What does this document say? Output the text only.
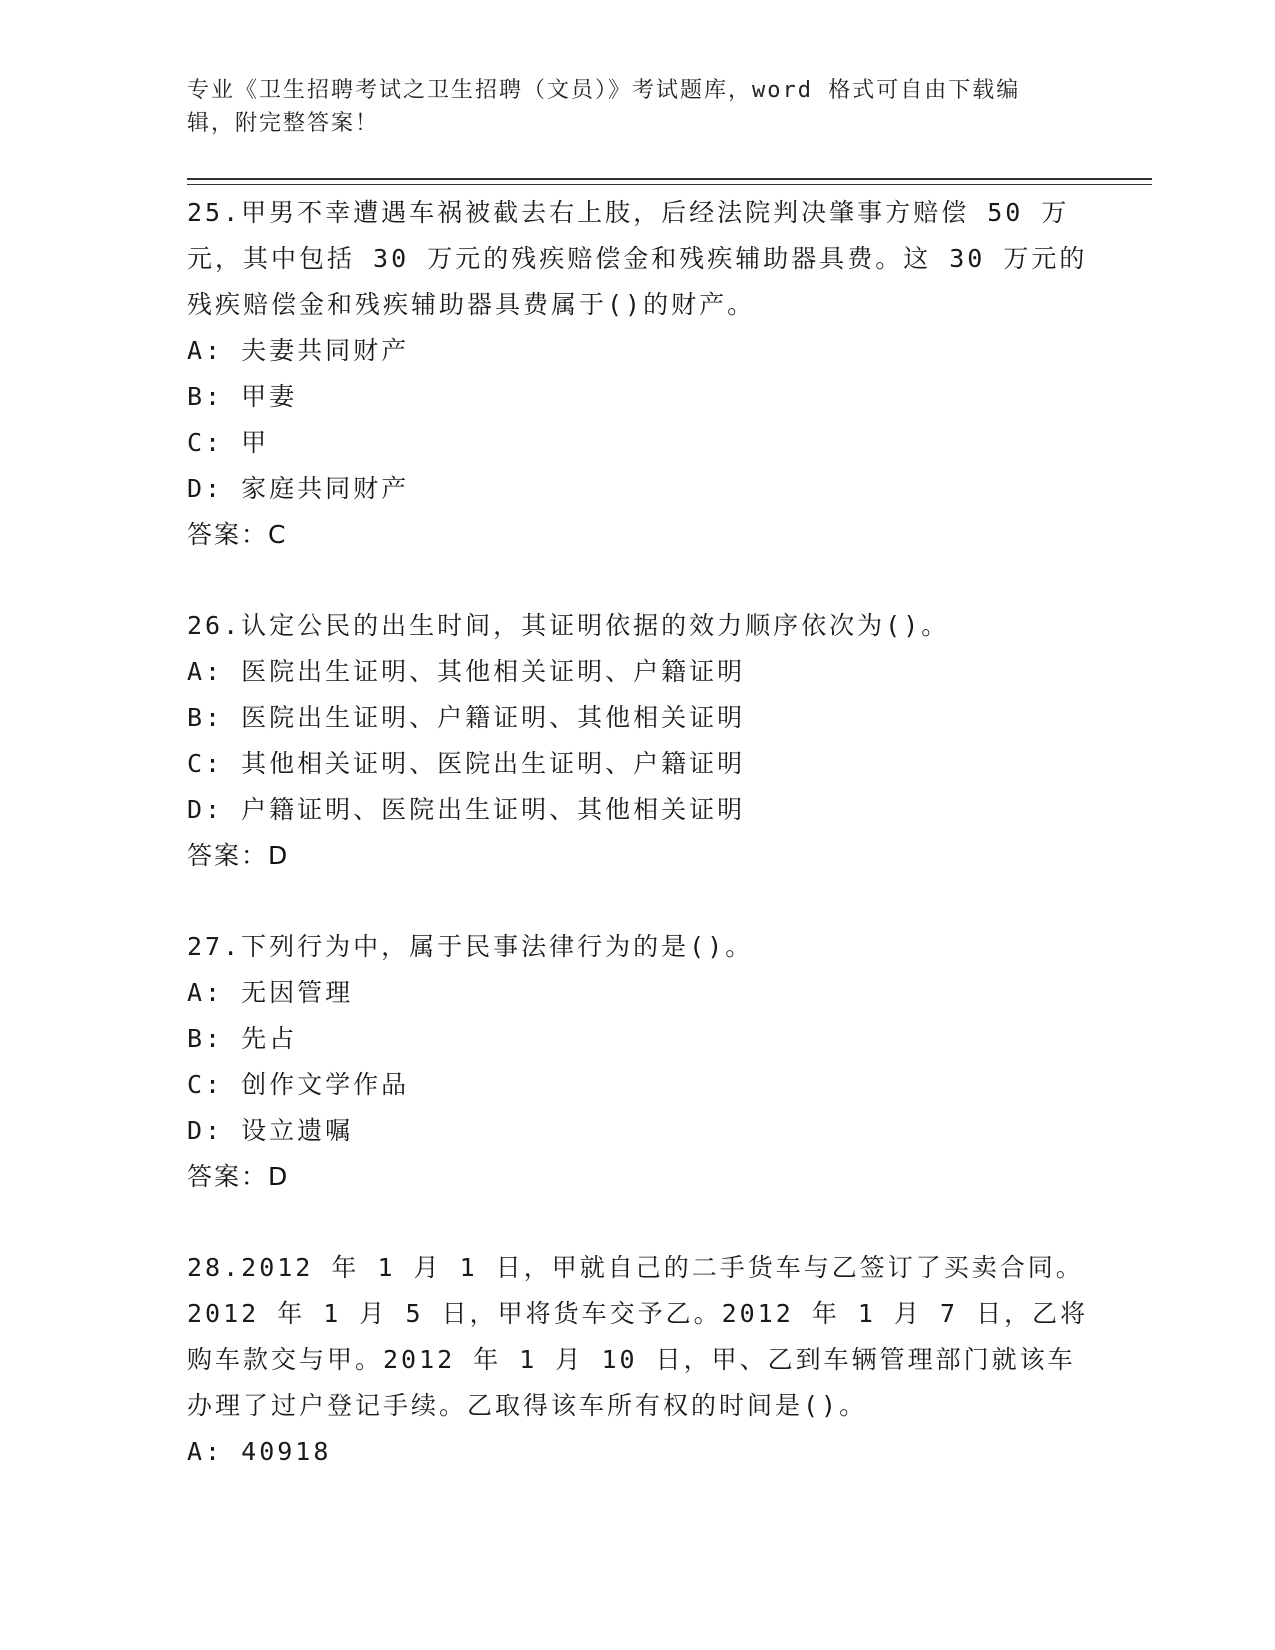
专业《卫生招聘考试之卫生招聘（文员）》考试题库，word 格式可自由下载编辑，附完整答案！

25.甲男不幸遭遇车祸被截去右上肢，后经法院判决肇事方赔偿 50 万元，其中包括 30 万元的残疾赔偿金和残疾辅助器具费。这 30 万元的残疾赔偿金和残疾辅助器具费属于()的财产。

A: 夫妻共同财产

B: 甲妻

C: 甲

D: 家庭共同财产

答案：C

26.认定公民的出生时间，其证明依据的效力顺序依次为()。

A: 医院出生证明、其他相关证明、户籍证明

B: 医院出生证明、户籍证明、其他相关证明

C: 其他相关证明、医院出生证明、户籍证明

D: 户籍证明、医院出生证明、其他相关证明

答案：D

27.下列行为中，属于民事法律行为的是()。

A: 无因管理

B: 先占

C: 创作文学作品

D: 设立遗嘱

答案：D

28.2012 年 1 月 1 日，甲就自己的二手货车与乙签订了买卖合同。2012 年 1 月 5 日，甲将货车交予乙。2012 年 1 月 7 日，乙将购车款交与甲。2012 年 1 月 10 日，甲、乙到车辆管理部门就该车办理了过户登记手续。乙取得该车所有权的时间是()。

A: 40918
